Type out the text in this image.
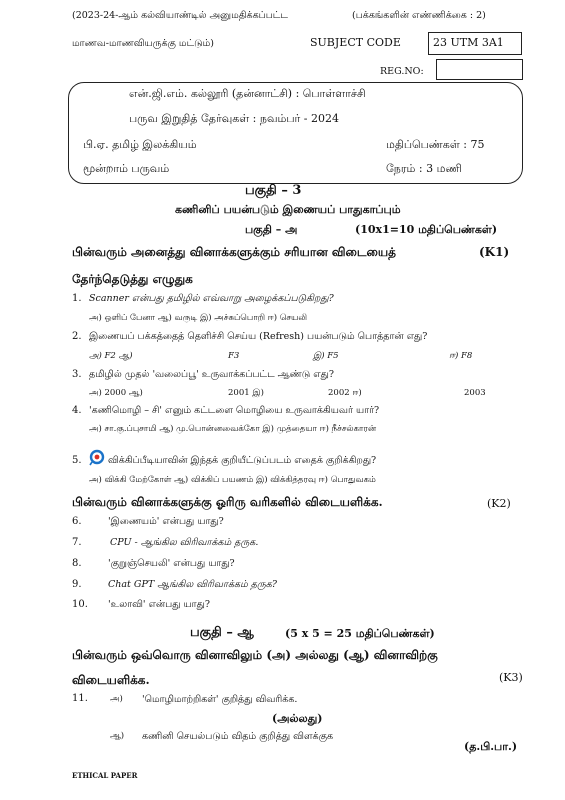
(2023-24-ஆம் கல்வியாண்டில் அனுமதிக்கப்பட்ட	(பக்கங்களின் எண்ணிக்கை : 2)
மாணவ-மாணவியருக்கு மட்டும்)	SUBJECT CODE	23 UTM 3A1
REG.NO:
என்.ஜி.எம். கல்லூரி (தன்னாட்சி) : பொள்ளாச்சி
பருவ இறுதித் தேர்வுகள் : நவம்பர் - 2024
பி.ஏ. தமிழ் இலக்கியம்	மதிப்பெண்கள் : 75
மூன்றாம் பருவம்	நேரம் : 3 மணி
பகுதி – 3
கணினிப் பயன்படும் இணையப் பாதுகாப்பும்
பகுதி – அ	(10x1=10 மதிப்பெண்கள்)
பின்வரும் அனைத்து வினாக்களுக்கும் சரியான விடையைத்	(K1)
தேர்ந்தெடுத்து எழுதுக
1. Scanner என்பது தமிழில் எவ்வாறு அழைக்கப்படுகிறது?
அ) ஒளிப் பேனா ஆ) வருடி இ) அச்சுப்பொறி ஈ) செயலி
2. இணையப் பக்கத்தைத் தெளிச்சி செய்ய (Refresh) பயன்படும் பொத்தான் எது?
அ) F2 ஆ)	F3	இ) F5	ஈ) F8
3. தமிழில் முதல் 'வலைப்பூ' உருவாக்கப்பட்ட ஆண்டு எது?
அ) 2000 ஆ)	2001 இ)	2002 ஈ)	2003
4. 'கணிமொழி – சி' எனும் கட்டளை மொழியை உருவாக்கியவர் யார்?
அ) சா.கு.ப்புசாமி ஆ) மு.பொன்னவைக்கோ இ) முத்தையா ஈ) நீச்சல்காரன்
5.	விக்கிப்பீடியாவின் இந்தக் குறியீட்டுப்படம் எதைக் குறிக்கிறது?
அ) விக்கி மேற்கோள் ஆ) விக்கிப் பயணம் இ) விக்கித்தரவு ஈ) பொதுவகம்
பின்வரும் வினாக்களுக்கு ஓரிரு வரிகளில் விடையளிக்க.	(K2)
6.	'இணையம்' என்பது யாது?
7.	CPU - ஆங்கில விரிவாக்கம் தருக.
8.	'குறுஞ்செயலி' என்பது யாது?
9.	Chat GPT ஆங்கில விரிவாக்கம் தருக?
10. 'உலாவி' என்பது யாது?
பகுதி – ஆ	(5 x 5 = 25 மதிப்பெண்கள்)
பின்வரும் ஒவ்வொரு வினாவிலும் (அ) அல்லது (ஆ) வினாவிற்கு
விடையளிக்க.	(K3)
11.	அ) 'மொழிமாற்றிகள்' குறித்து விவரிக்க.
(அல்லது)
ஆ) கணினி செயல்படும் விதம் குறித்து விளக்குக
(த.பி.பா.)
ETHICAL PAPER
